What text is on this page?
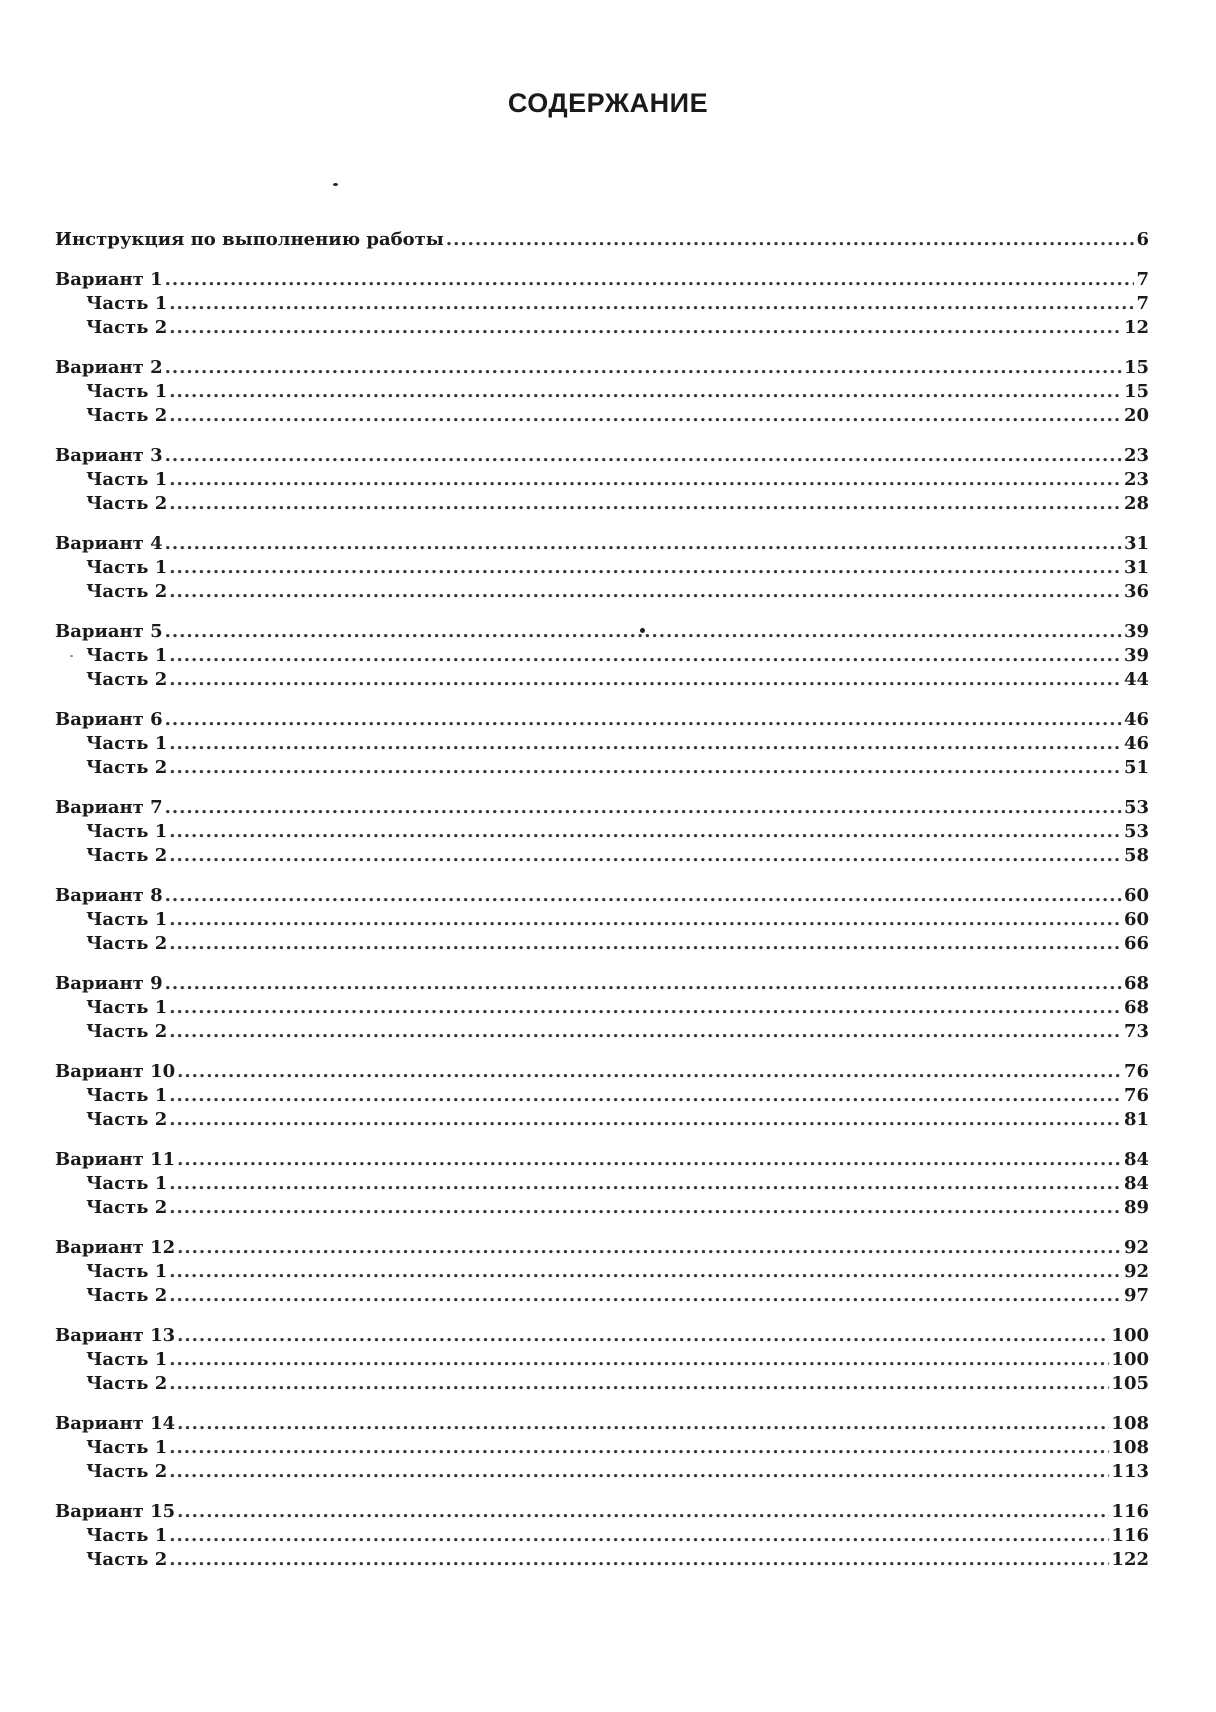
СОДЕРЖАНИЕ
Инструкция по выполнению работы .....	6
Вариант 1 .....	7
Часть 1 .....	7
Часть 2 .....	12
Вариант 2 .....	15
Часть 1 .....	15
Часть 2 .....	20
Вариант 3 .....	23
Часть 1 .....	23
Часть 2 .....	28
Вариант 4 .....	31
Часть 1 .....	31
Часть 2 .....	36
Вариант 5 .....	39
Часть 1 .....	39
Часть 2 .....	44
Вариант 6 .....	46
Часть 1 .....	46
Часть 2 .....	51
Вариант 7 .....	53
Часть 1 .....	53
Часть 2 .....	58
Вариант 8 .....	60
Часть 1 .....	60
Часть 2 .....	66
Вариант 9 .....	68
Часть 1 .....	68
Часть 2 .....	73
Вариант 10 .....	76
Часть 1 .....	76
Часть 2 .....	81
Вариант 11 .....	84
Часть 1 .....	84
Часть 2 .....	89
Вариант 12 .....	92
Часть 1 .....	92
Часть 2 .....	97
Вариант 13 .....	100
Часть 1 .....	100
Часть 2 .....	105
Вариант 14 .....	108
Часть 1 .....	108
Часть 2 .....	113
Вариант 15 .....	116
Часть 1 .....	116
Часть 2 .....	122
